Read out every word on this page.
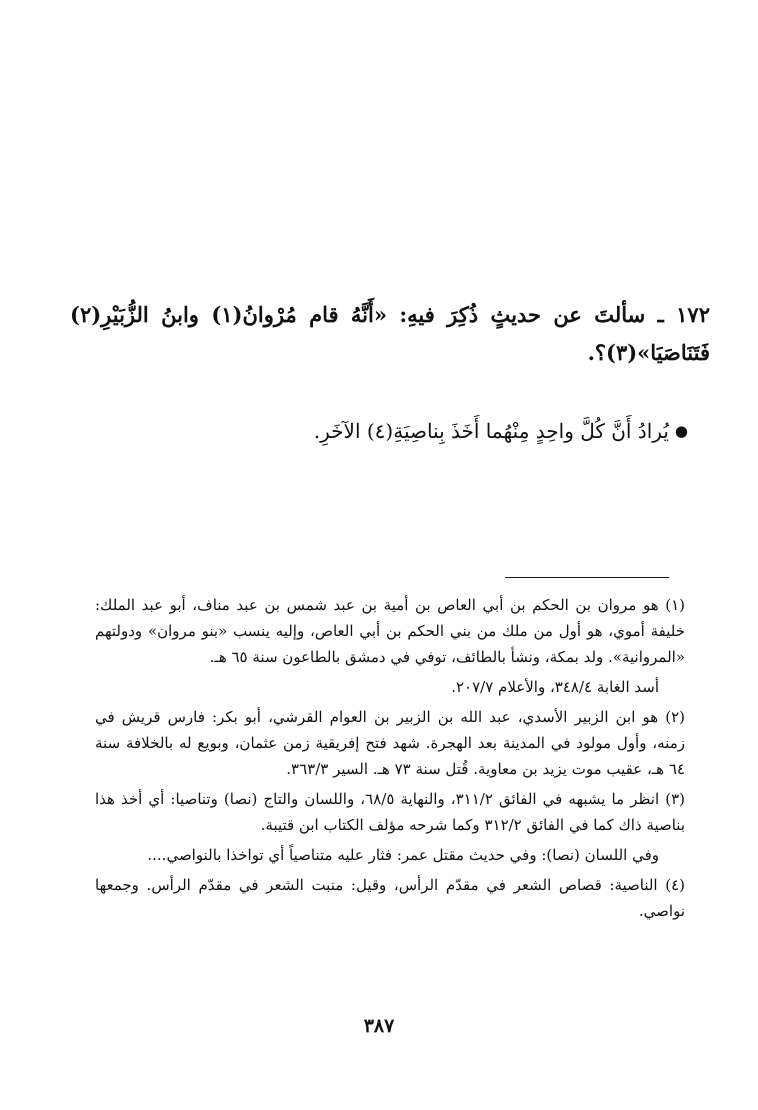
١٧٢ ـ سألتَ عن حديثٍ ذُكِرَ فيهِ: «أَنَّهُ قام مُرْوانُ(١) وابنُ الزُّبَيْرِ(٢) فَتَنَاصَيَا»(٣)؟.

●يُرادُ أَنَّ كُلَّ واحِدٍ مِنْهُما أَخَذَ بِناصِيَةِ(٤) الآخَرِ.

(١) هو مروان بن الحكم بن أبي العاص بن أمية بن عبد شمس بن عبد مناف، أبو عبد الملك: خليفة أموي، هو أول من ملك من بني الحكم بن أبي العاص، وإليه ينسب «بنو مروان» ودولتهم «المروانية». ولد بمكة، ونشأ بالطائف، توفي في دمشق بالطاعون سنة ٦٥ هـ.

أسد الغابة ٣٤٨/٤، والأعلام ٢٠٧/٧.

(٢) هو ابن الزبير الأسدي، عبد الله بن الزبير بن العوام القرشي، أبو بكر: فارس قريش في زمنه، وأول مولود في المدينة بعد الهجرة. شهد فتح إفريقية زمن عثمان، وبويع له بالخلافة سنة ٦٤ هـ، عقيب موت يزيد بن معاوية. قُتل سنة ٧٣ هـ. السير ٣٦٣/٣.

(٣) انظر ما يشبهه في الفائق ٣١١/٢، والنهاية ٦٨/٥، واللسان والتاج (نصا) وتناصيا: أي أخذ هذا بناصية ذاك كما في الفائق ٣١٢/٢ وكما شرحه مؤلف الكتاب ابن قتيبة.

وفي اللسان (نصا): وفي حديث مقتل عمر: فثار عليه متناصياً أي تواخذا بالنواصي....

(٤) الناصية: قصاص الشعر في مقدّم الرأس، وقيل: منبت الشعر في مقدّم الرأس. وجمعها نواصي.

٣٨٧
